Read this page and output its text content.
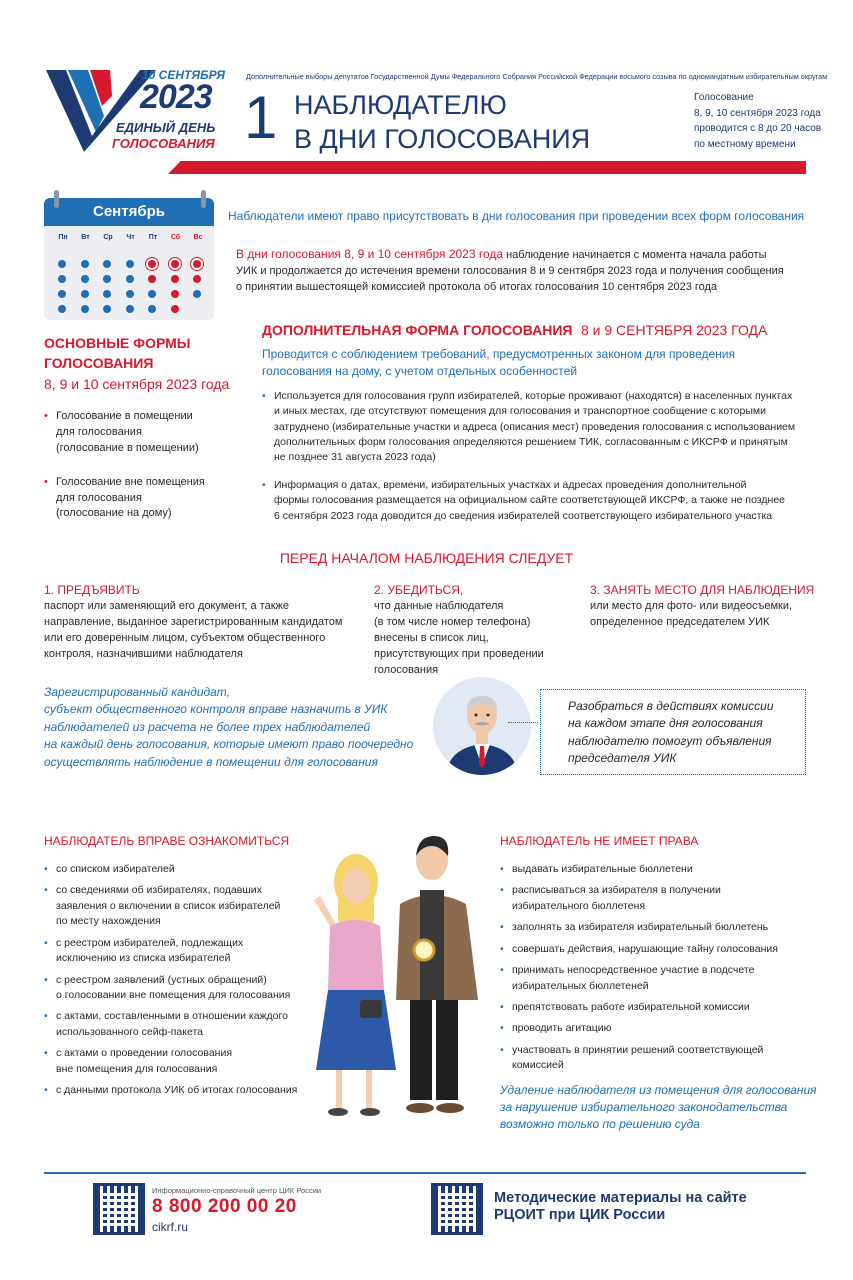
10 СЕНТЯБРЯ
2023
ЕДИНЫЙ ДЕНЬ
ГОЛОСОВАНИЯ
Дополнительные выборы депутатов Государственной Думы Федерального Собрания Российской Федерации восьмого созыва по одномандатным избирательным округам
1 НАБЛЮДАТЕЛЮ
В ДНИ ГОЛОСОВАНИЯ
Голосование
8, 9, 10 сентября 2023 года
проводится с 8 до 20 часов
по местному времени
Сентябрь
Пн	Вт	Ср	Чт	Пт	Сб	Вс
Наблюдатели имеют право присутствовать в дни голосования при проведении всех форм голосования
В дни голосования 8, 9 и 10 сентября 2023 года наблюдение начинается с момента начала работы
УИК и продолжается до истечения времени голосования 8 и 9 сентября 2023 года и получения сообщения
о принятии вышестоящей комиссией протокола об итогах голосования 10 сентября 2023 года
ОСНОВНЫЕ ФОРМЫ
ГОЛОСОВАНИЯ
8, 9 и 10 сентября 2023 года
• Голосование в помещении
для голосования
(голосование в помещении)
• Голосование вне помещения
для голосования
(голосование на дому)
ДОПОЛНИТЕЛЬНАЯ ФОРМА ГОЛОСОВАНИЯ 8 и 9 СЕНТЯБРЯ 2023 ГОДА
Проводится с соблюдением требований, предусмотренных законом для проведения
голосования на дому, с учетом отдельных особенностей
• Используется для голосования групп избирателей, которые проживают (находятся) в населенных пунктах
и иных местах, где отсутствуют помещения для голосования и транспортное сообщение с которыми
затруднено (избирательные участки и адреса (описания мест) проведения голосования с использованием
дополнительных форм голосования определяются решением ТИК, согласованным с ИКСРФ и принятым
не позднее 31 августа 2023 года)
• Информация о датах, времени, избирательных участках и адресах проведения дополнительной
формы голосования размещается на официальном сайте соответствующей ИКСРФ, а также не позднее
6 сентября 2023 года доводится до сведения избирателей соответствующего избирательного участка
ПЕРЕД НАЧАЛОМ НАБЛЮДЕНИЯ СЛЕДУЕТ
1. ПРЕДЪЯВИТЬ
паспорт или заменяющий его документ, а также
направление, выданное зарегистрированным кандидатом
или его доверенным лицом, субъектом общественного
контроля, назначившими наблюдателя
2. УБЕДИТЬСЯ,
что данные наблюдателя
(в том числе номер телефона)
внесены в список лиц,
присутствующих при проведении
голосования
3. ЗАНЯТЬ МЕСТО ДЛЯ НАБЛЮДЕНИЯ
или место для фото- или видеосъемки,
определенное председателем УИК
Зарегистрированный кандидат,
субъект общественного контроля вправе назначить в УИК
наблюдателей из расчета не более трех наблюдателей
на каждый день голосования, которые имеют право поочередно
осуществлять наблюдение в помещении для голосования
Разобраться в действиях комиссии
на каждом этапе дня голосования
наблюдателю помогут объявления
председателя УИК
НАБЛЮДАТЕЛЬ ВПРАВЕ ОЗНАКОМИТЬСЯ
• со списком избирателей
• со сведениями об избирателях, подавших
заявления о включении в список избирателей
по месту нахождения
• с реестром избирателей, подлежащих
исключению из списка избирателей
• с реестром заявлений (устных обращений)
о голосовании вне помещения для голосования
• с актами, составленными в отношении каждого
использованного сейф-пакета
• с актами о проведении голосования
вне помещения для голосования
• с данными протокола УИК об итогах голосования
НАБЛЮДАТЕЛЬ НЕ ИМЕЕТ ПРАВА
• выдавать избирательные бюллетени
• расписываться за избирателя в получении
избирательного бюллетеня
• заполнять за избирателя избирательный бюллетень
• совершать действия, нарушающие тайну голосования
• принимать непосредственное участие в подсчете
избирательных бюллетеней
• препятствовать работе избирательной комиссии
• проводить агитацию
• участвовать в принятии решений соответствующей
комиссией
Удаление наблюдателя из помещения для голосования
за нарушение избирательного законодательства
возможно только по решению суда
Информационно-справочный центр ЦИК России
8 800 200 00 20
cikrf.ru
Методические материалы на сайте
РЦОИТ при ЦИК России
